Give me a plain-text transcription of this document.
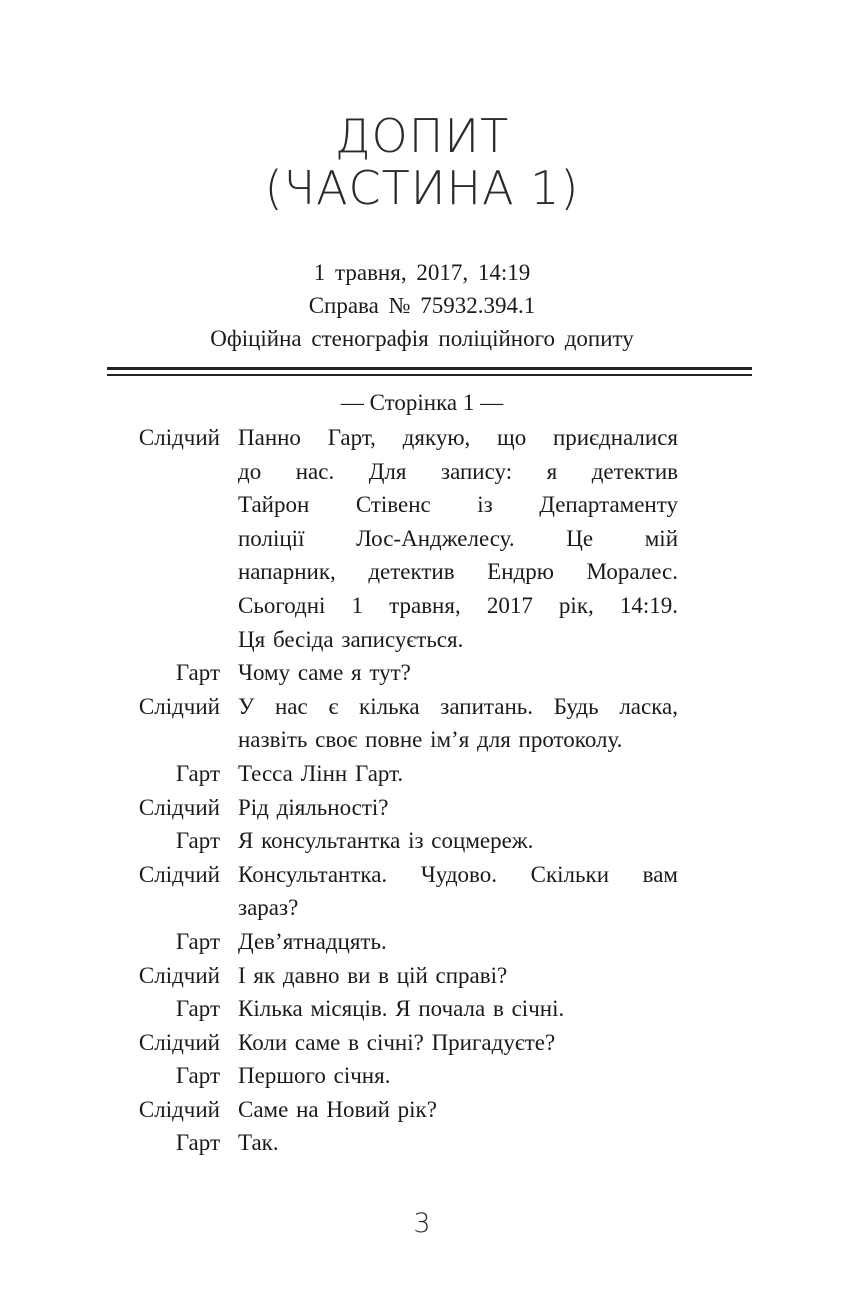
ДОПИТ
(ЧАСТИНА 1)
1 травня, 2017, 14:19
Справа № 75932.394.1
Офіційна стенографія поліційного допиту
— Сторінка 1 —
Слідчий Панно Гарт, дякую, що приєдналися
до нас. Для запису: я детектив
Тайрон Стівенс із Департаменту
поліції Лос-Анджелесу. Це мій
напарник, детектив Ендрю Моралес.
Сьогодні 1 травня, 2017 рік, 14:19.
Ця бесіда записується.
Гарт Чому саме я тут?
Слідчий У нас є кілька запитань. Будь ласка,
назвіть своє повне ім’я для протоколу.
Гарт Тесса Лінн Гарт.
Слідчий Рід діяльності?
Гарт Я консультантка із соцмереж.
Слідчий Консультантка. Чудово. Скільки вам
зараз?
Гарт Дев’ятнадцять.
Слідчий І як давно ви в цій справі?
Гарт Кілька місяців. Я почала в січні.
Слідчий Коли саме в січні? Пригадуєте?
Гарт Першого січня.
Слідчий Саме на Новий рік?
Гарт Так.
3
